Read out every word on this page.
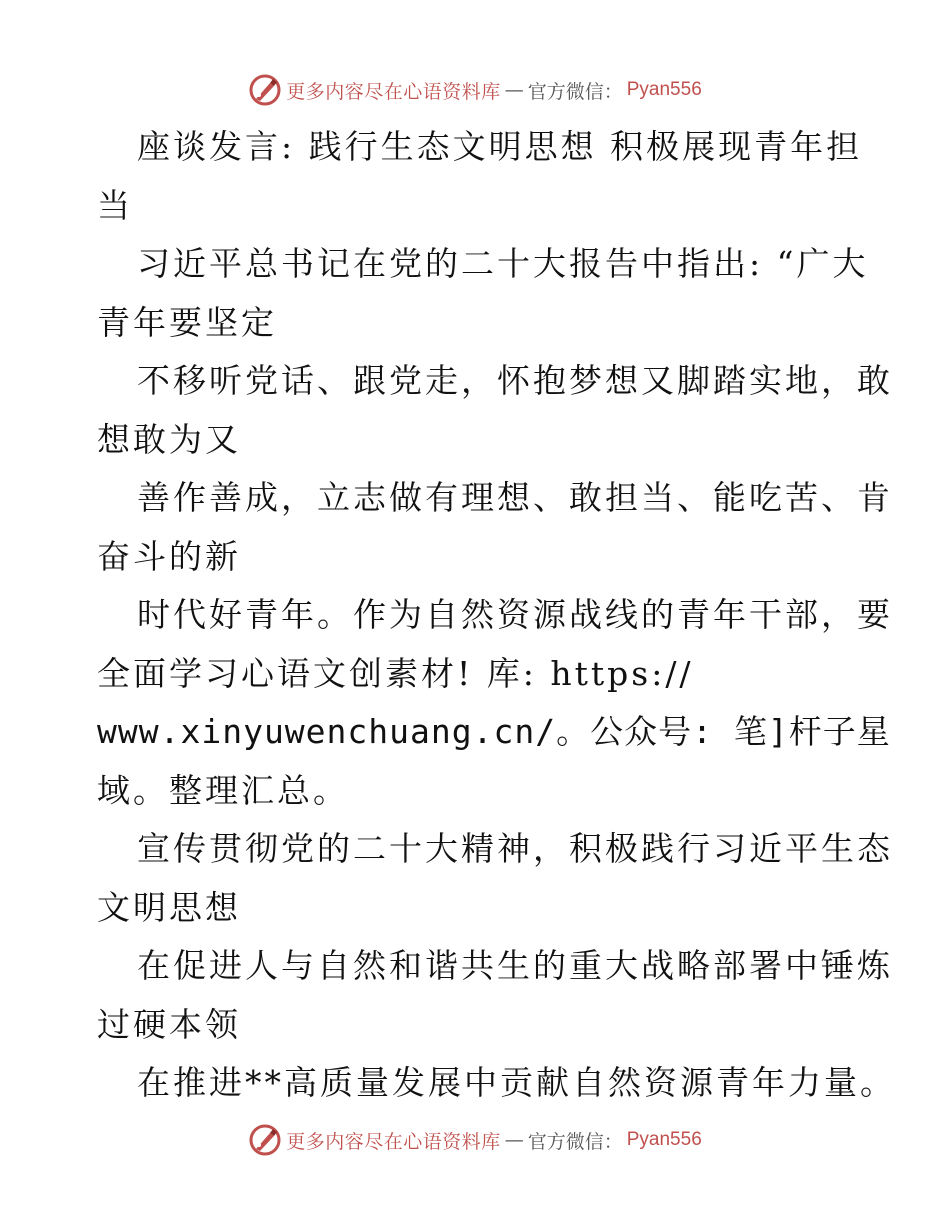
更多内容尽在心语资料库 — 官方微信： Pyan556
座谈发言: 践行生态文明思想 积极展现青年担
当
习近平总书记在党的二十大报告中指出: “广大
青年要坚定
不移听党话、跟党走，怀抱梦想又脚踏实地，敢
想敢为又
善作善成，立志做有理想、敢担当、能吃苦、肯
奋斗的新
时代好青年。作为自然资源战线的青年干部，要
全面学习心语文创素材! 库: https://
www.xinyuwenchuang.cn/。公众号: 笔]杆子星
域。整理汇总。
宣传贯彻党的二十大精神，积极践行习近平生态
文明思想
在促进人与自然和谐共生的重大战略部署中锤炼
过硬本领
在推进**高质量发展中贡献自然资源青年力量。
更多内容尽在心语资料库 — 官方微信： Pyan556
